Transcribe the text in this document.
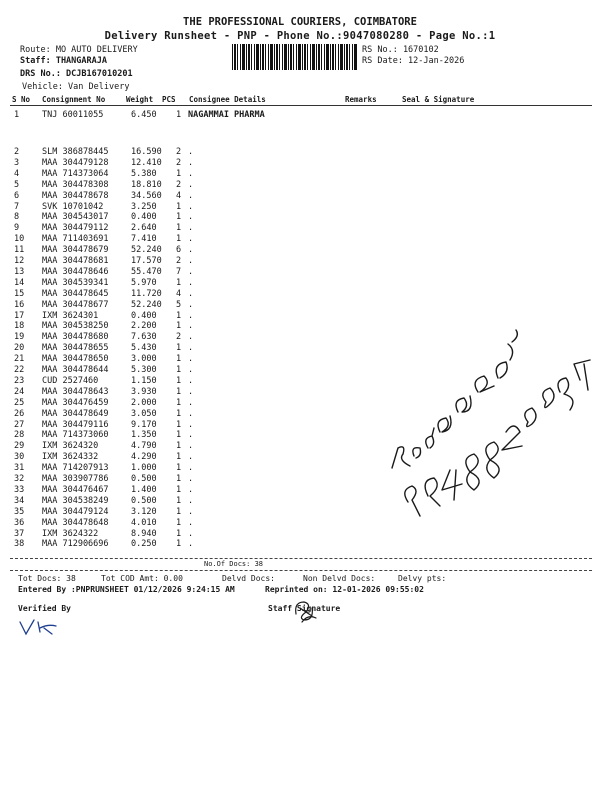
THE PROFESSIONAL COURIERS, COIMBATORE
Delivery Runsheet - PNP - Phone No.:9047080280 - Page No.:1
Route: MO AUTO DELIVERY
Staff: THANGARAJA
DRS No.: DCJB167010201
Vehicle: Van Delivery
RS No.: 1670102
RS Date: 12-Jan-2026
S No Consignment No	Weight PCS Consignee Details	Remarks	Seal & Signature
1	TNJ 60011055	6.450 1 NAGAMMAI PHARMA
2	SLM 386878445	16.590 2 .
3	MAA 304479128	12.410 2 .
4	MAA 714373064	5.380 1 .
5	MAA 304478308	18.810 2 .
6	MAA 304478678	34.560 4 .
7	SVK 10701042	3.250 1 .
8	MAA 304543017	0.400 1 .
9	MAA 304479112	2.640 1 .
10 MAA 711403691	7.410 1 .
11 MAA 304478679	52.240 6 .
12 MAA 304478681	17.570 2 .
13 MAA 304478646	55.470 7 .
14 MAA 304539341	5.970 1 .
15 MAA 304478645	11.720 4 .
16 MAA 304478677	52.240 5 .
17 IXM 3624301	0.400 1 .
18 MAA 304538250	2.200 1 .
19 MAA 304478680	7.630 2 .
20 MAA 304478655	5.430 1 .
21 MAA 304478650	3.000 1 .
22 MAA 304478644	5.300 1 .
23 CUD 2527460	1.150 1 .
24 MAA 304478643	3.930 1 .
25 MAA 304476459	2.000 1 .
26 MAA 304478649	3.050 1 .
27 MAA 304479116	9.170 1 .
28 MAA 714373060	1.350 1 .
29 IXM 3624320	4.790 1 .
30 IXM 3624332	4.290 1 .
31 MAA 714207913	1.000 1 .
32 MAA 303907786	0.500 1 .
33 MAA 304476467	1.400 1 .
34 MAA 304538249	0.500 1 .
35 MAA 304479124	3.120 1 .
36 MAA 304478648	4.010 1 .
37 IXM 3624322	8.940 1 .
38 MAA 712906696	0.250 1 .
No.Of Docs: 38
Tot Docs: 38	Tot COD Amt: 0.00	Delvd Docs:	Non Delvd Docs:	Delvy pts:
Entered By :PNPRUNSHEET 01/12/2026 9:24:15 AM	Reprinted on: 12-01-2026 09:55:02
Verified By	Staff Signature
